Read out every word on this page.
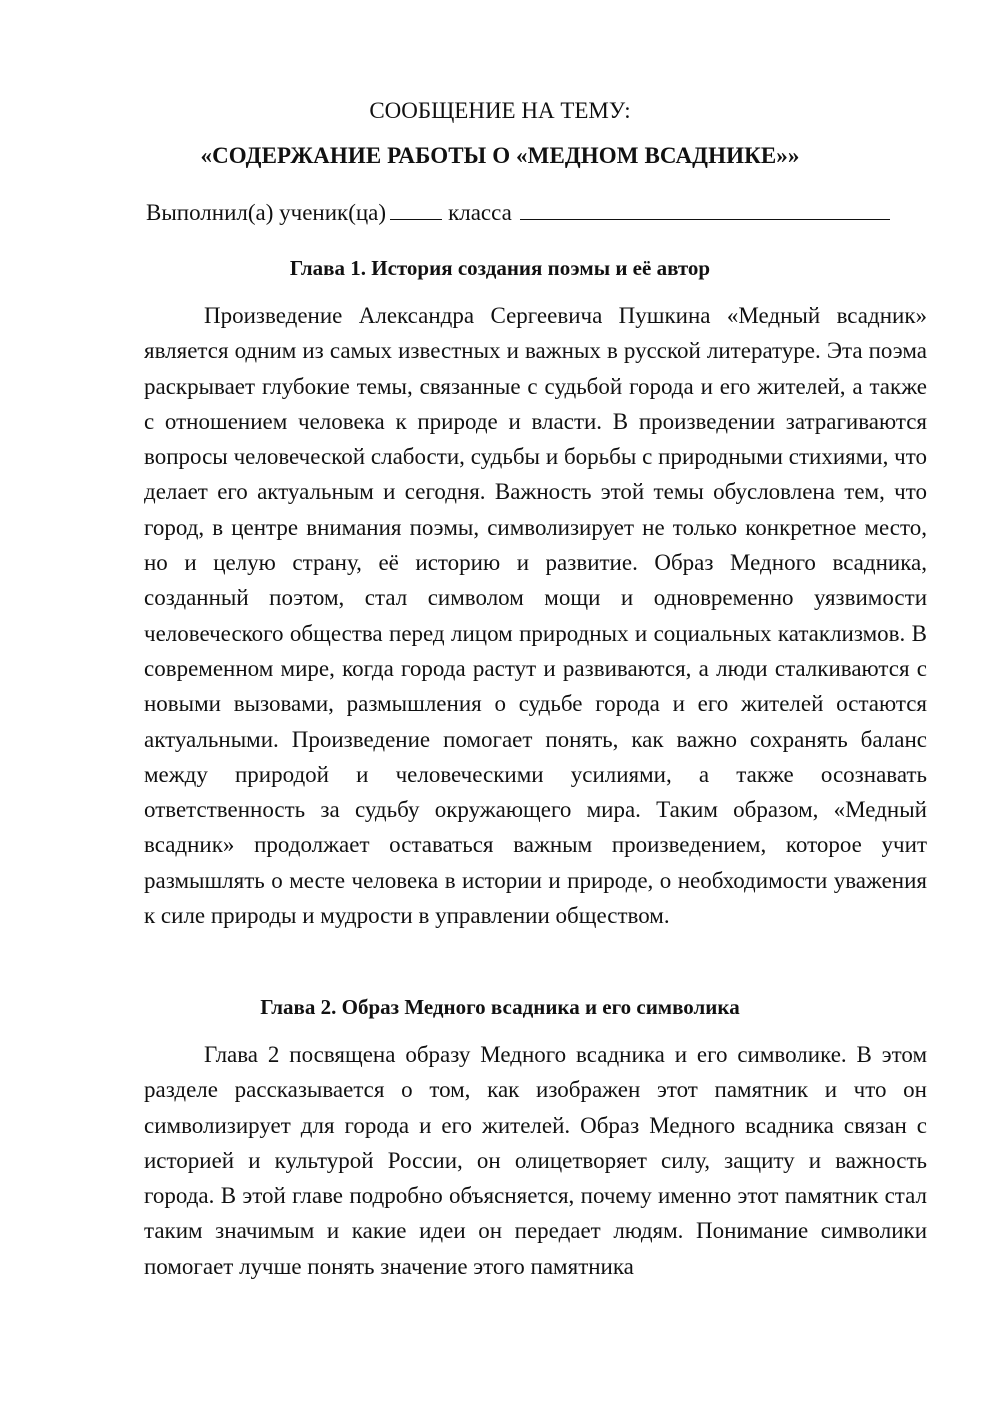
СООБЩЕНИЕ НА ТЕМУ:

«СОДЕРЖАНИЕ РАБОТЫ О «МЕДНОМ ВСАДНИКЕ»»

Выполнил(а) ученик(ца)	класса
Глава 1. История создания поэмы и её автор

Произведение Александра Сергеевича Пушкина «Медный всадник» является одним из самых известных и важных в русской литературе. Эта поэма раскрывает глубокие темы, связанные с судьбой города и его жителей, а также с отношением человека к природе и власти. В произведении затрагиваются вопросы человеческой слабости, судьбы и борьбы с природными стихиями, что делает его актуальным и сегодня. Важность этой темы обусловлена тем, что город, в центре внимания поэмы, символизирует не только конкретное место, но и целую страну, её историю и развитие. Образ Медного всадника, созданный поэтом, стал символом мощи и одновременно уязвимости человеческого общества перед лицом природных и социальных катаклизмов. В современном мире, когда города растут и развиваются, а люди сталкиваются с новыми вызовами, размышления о судьбе города и его жителей остаются актуальными. Произведение помогает понять, как важно сохранять баланс между природой и человеческими усилиями, а также осознавать ответственность за судьбу окружающего мира. Таким образом, «Медный всадник» продолжает оставаться важным произведением, которое учит размышлять о месте человека в истории и природе, о необходимости уважения к силе природы и мудрости в управлении обществом.

Глава 2. Образ Медного всадника и его символика

Глава 2 посвящена образу Медного всадника и его символике. В этом разделе рассказывается о том, как изображен этот памятник и что он символизирует для города и его жителей. Образ Медного всадника связан с историей и культурой России, он олицетворяет силу, защиту и важность города. В этой главе подробно объясняется, почему именно этот памятник стал таким значимым и какие идеи он передает людям. Понимание символики помогает лучше понять значение этого памятника
